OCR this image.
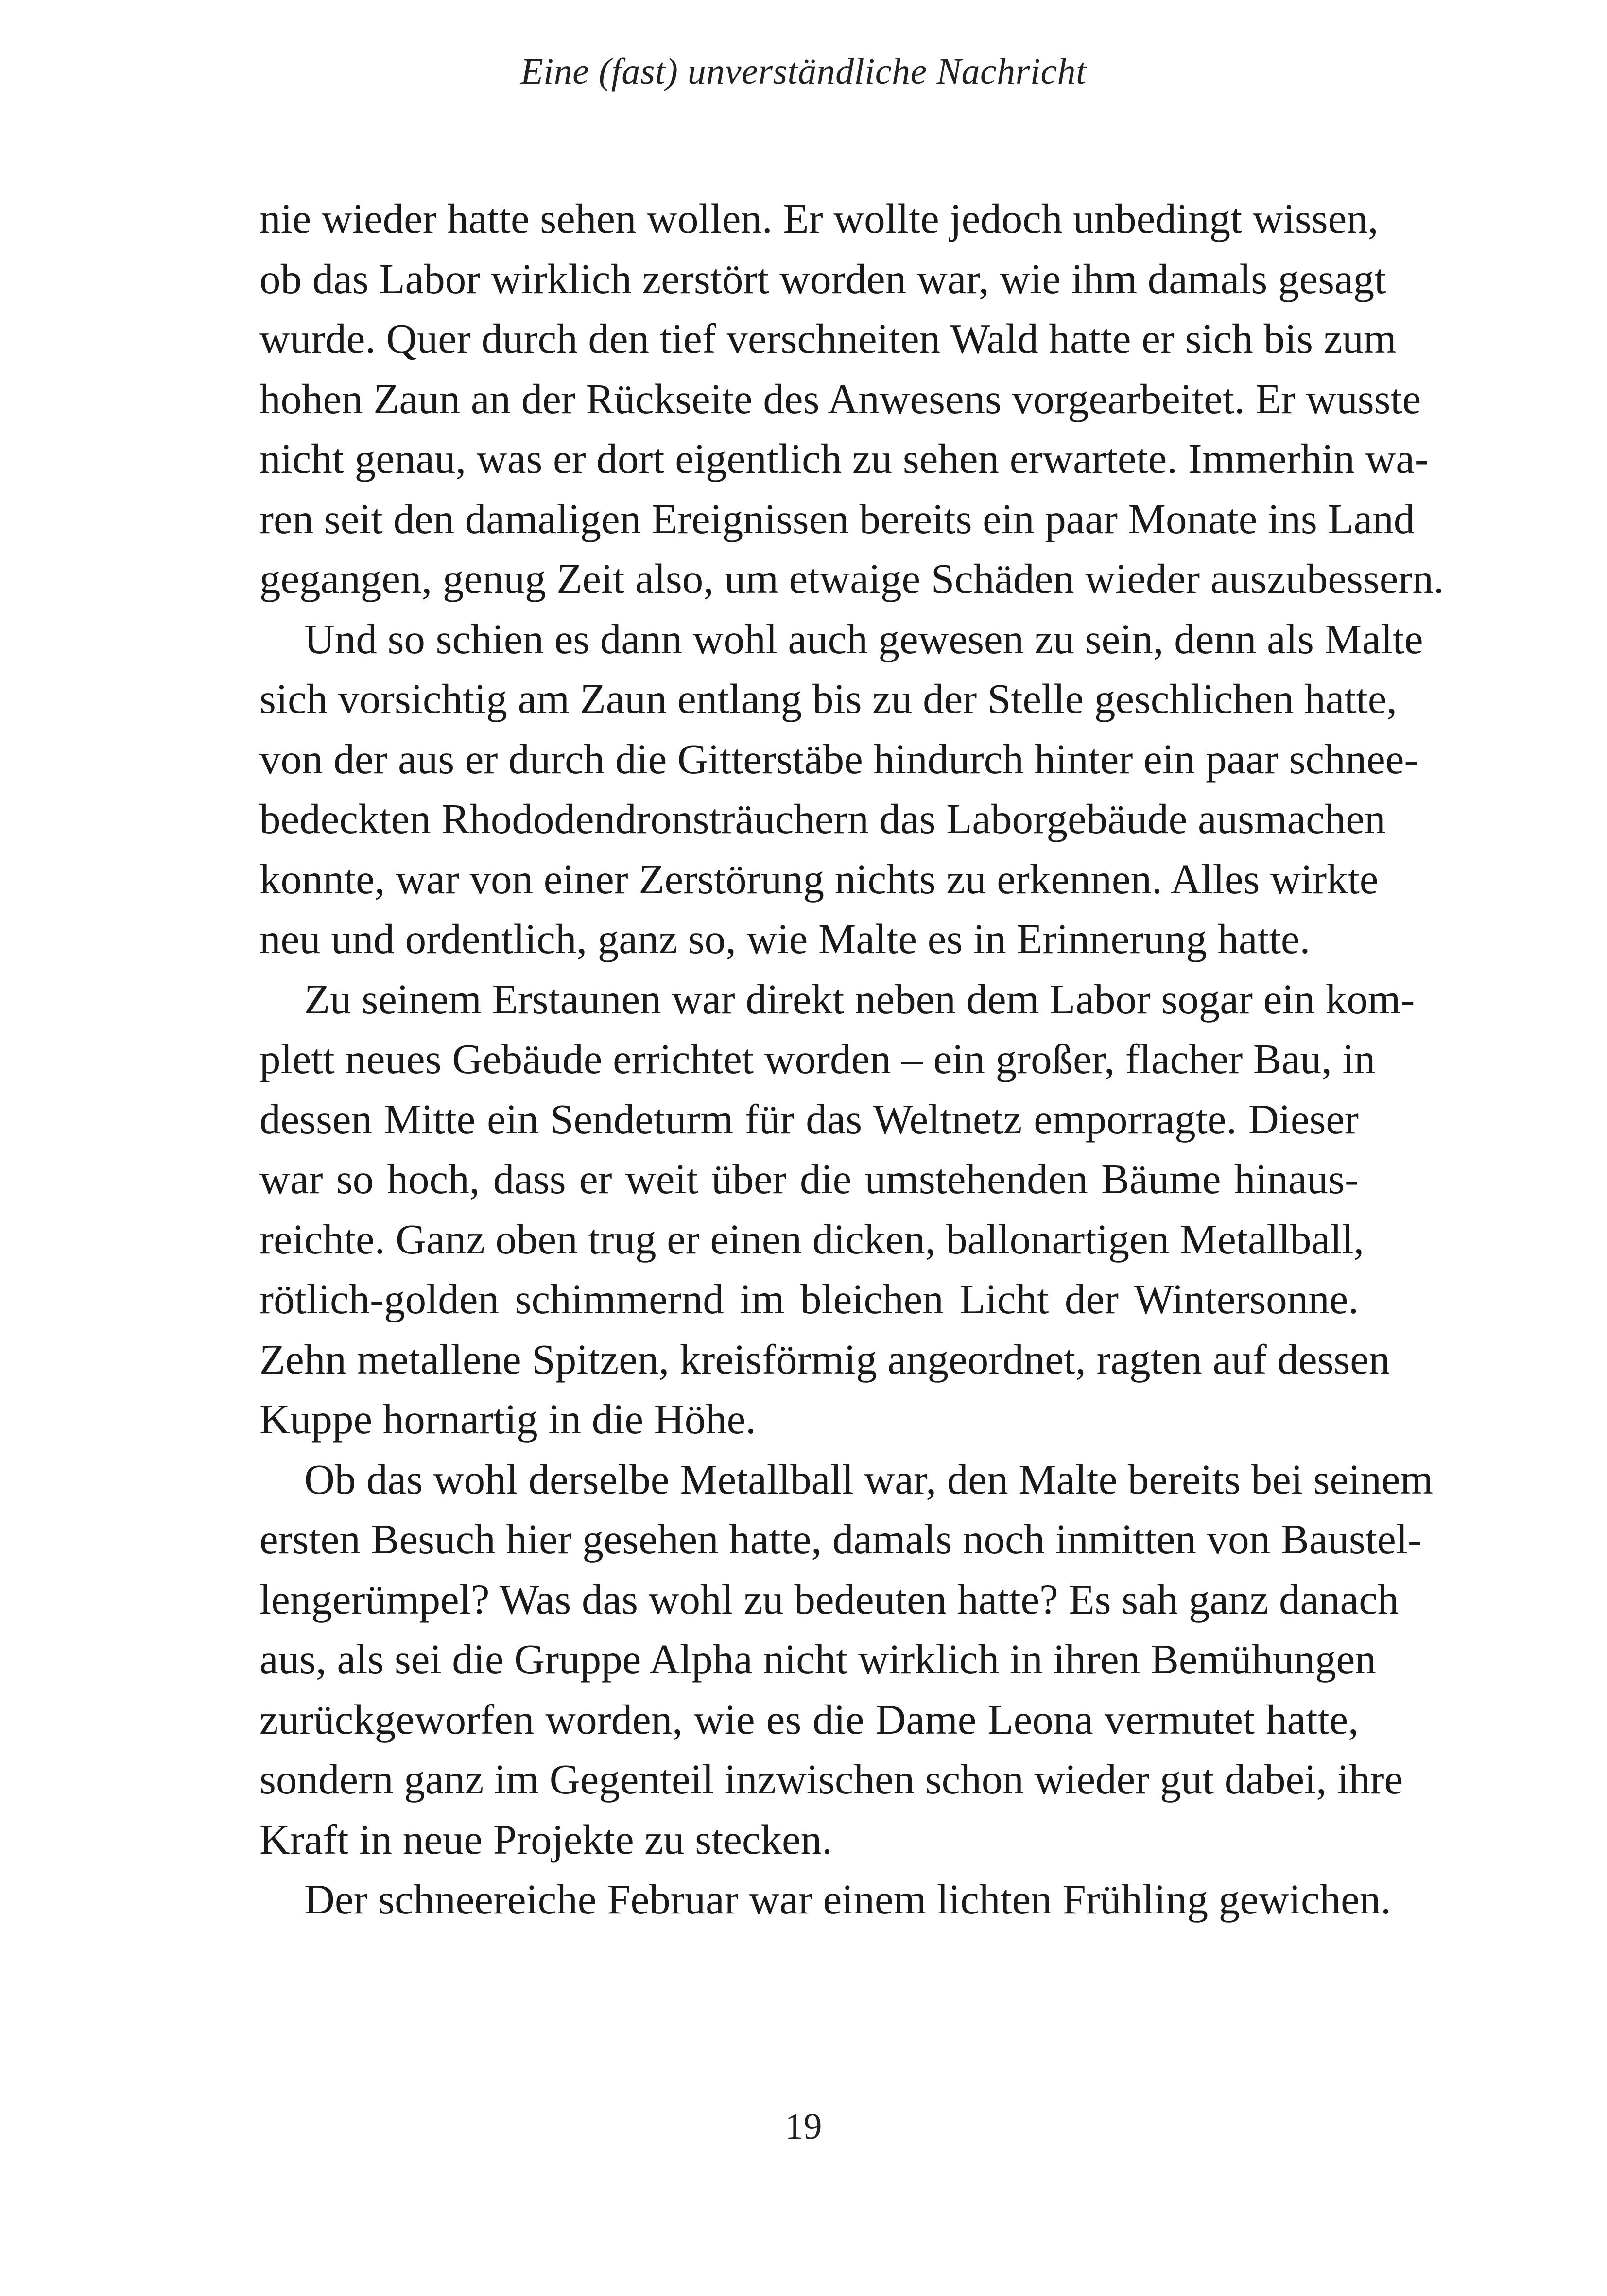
Eine (fast) unverständliche Nachricht
nie wieder hatte sehen wollen. Er wollte jedoch unbedingt wissen,
ob das Labor wirklich zerstört worden war, wie ihm damals gesagt
wurde. Quer durch den tief verschneiten Wald hatte er sich bis zum
hohen Zaun an der Rückseite des Anwesens vorgearbeitet. Er wusste
nicht genau, was er dort eigentlich zu sehen erwartete. Immerhin wa-
ren seit den damaligen Ereignissen bereits ein paar Monate ins Land
gegangen, genug Zeit also, um etwaige Schäden wieder auszubessern.
Und so schien es dann wohl auch gewesen zu sein, denn als Malte
sich vorsichtig am Zaun entlang bis zu der Stelle geschlichen hatte,
von der aus er durch die Gitterstäbe hindurch hinter ein paar schnee-
bedeckten Rhododendronsträuchern das Laborgebäude ausmachen
konnte, war von einer Zerstörung nichts zu erkennen. Alles wirkte
neu und ordentlich, ganz so, wie Malte es in Erinnerung hatte.
Zu seinem Erstaunen war direkt neben dem Labor sogar ein kom-
plett neues Gebäude errichtet worden – ein großer, flacher Bau, in
dessen Mitte ein Sendeturm für das Weltnetz emporragte. Dieser
war so hoch, dass er weit über die umstehenden Bäume hinaus-
reichte. Ganz oben trug er einen dicken, ballonartigen Metallball,
rötlich-golden schimmernd im bleichen Licht der Wintersonne.
Zehn metallene Spitzen, kreisförmig angeordnet, ragten auf dessen
Kuppe hornartig in die Höhe.
Ob das wohl derselbe Metallball war, den Malte bereits bei seinem
ersten Besuch hier gesehen hatte, damals noch inmitten von Baustel-
lengerümpel? Was das wohl zu bedeuten hatte? Es sah ganz danach
aus, als sei die Gruppe Alpha nicht wirklich in ihren Bemühungen
zurückgeworfen worden, wie es die Dame Leona vermutet hatte,
sondern ganz im Gegenteil inzwischen schon wieder gut dabei, ihre
Kraft in neue Projekte zu stecken.
Der schneereiche Februar war einem lichten Frühling gewichen.
19
